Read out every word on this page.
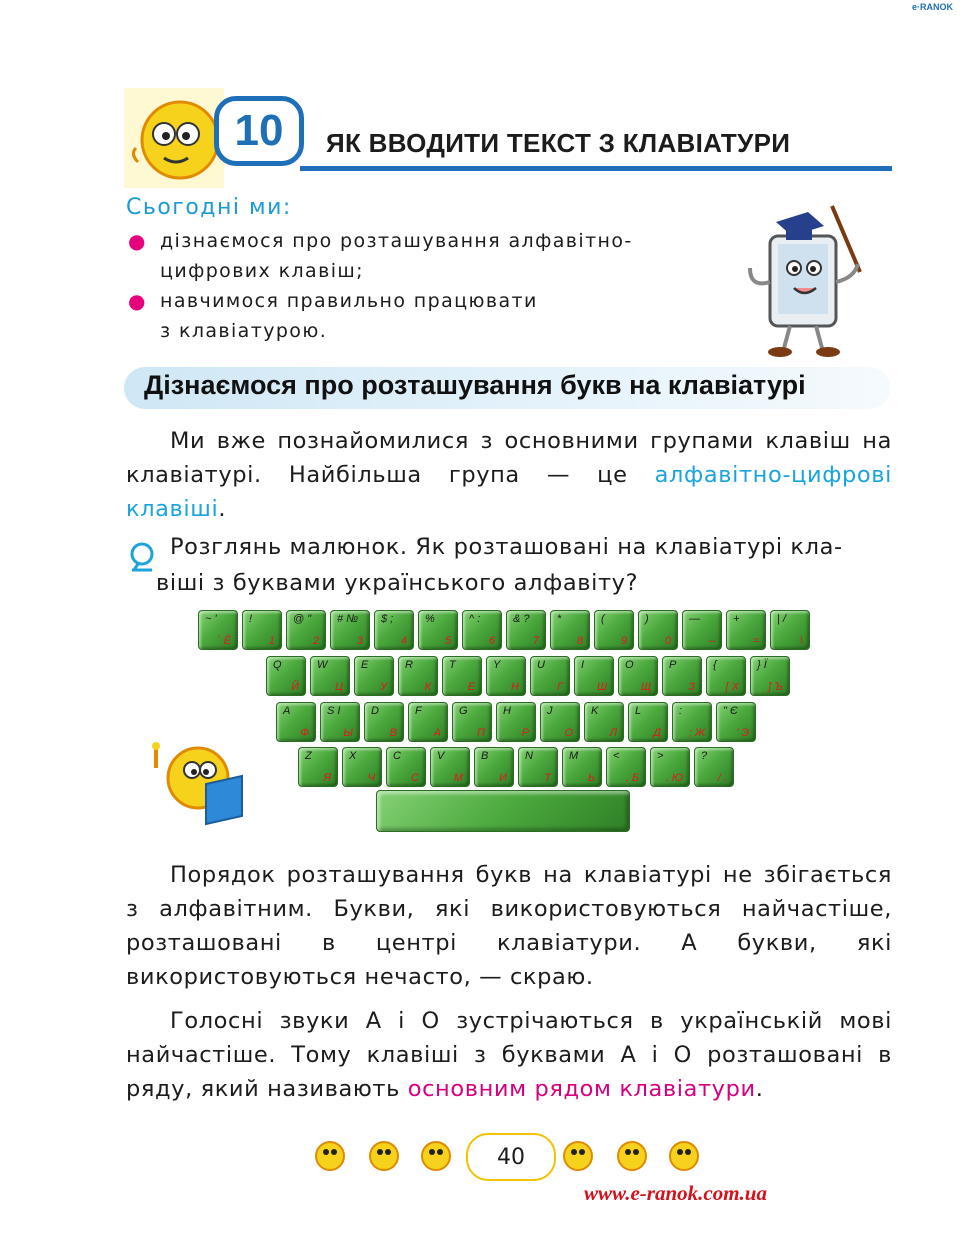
e·RANOK
10	ЯК ВВОДИТИ ТЕКСТ З КЛАВІАТУРИ
Сьогодні ми:
● дізнаємося про розташування алфавітно-
цифрових клавіш;
● навчимося правильно працювати
з клавіатурою.
Дізнаємося про розташування букв на клавіатурі
Ми вже познайомилися з основними групами клавіш на клавіатурі. Найбільша група — це алфавітно-цифрові клавіші.
Розглянь малюнок. Як розташовані на клавіатурі кла-
віші з буквами українського алфавіту?
~ '
` Ё
!
1
@ "
2
# №
3
$ ;
4
%
5
^ :
6
& ?
7
*
8
(
9
)
0
—
–
+
=
| /
\
Q
Й
W
Ц
E
У
R
К
T
Е
Y
Н
U
Г
I
Ш
O
Щ
P
З
{
[ Х
} Ї
] Ъ
A
Ф
S І
Ы
D
В
F
А
G
П
H
Р
J
О
K
Л
L
Д
:
; Ж
" Є
' Э
Z
Я
X
Ч
C
С
V
М
B
И
N
Т
M
Ь
<
, Б
>
. Ю
?
/ .
Порядок розташування букв на клавіатурі не збігається з алфавітним. Букви, які використовуються найчастіше, розташовані в центрі клавіатури. А букви, які використовуються нечасто, — скраю.
Голосні звуки А і О зустрічаються в українській мові найчастіше. Тому клавіші з буквами А і О розташовані в ряду, який називають основним рядом клавіатури.
40
www.e-ranok.com.ua
